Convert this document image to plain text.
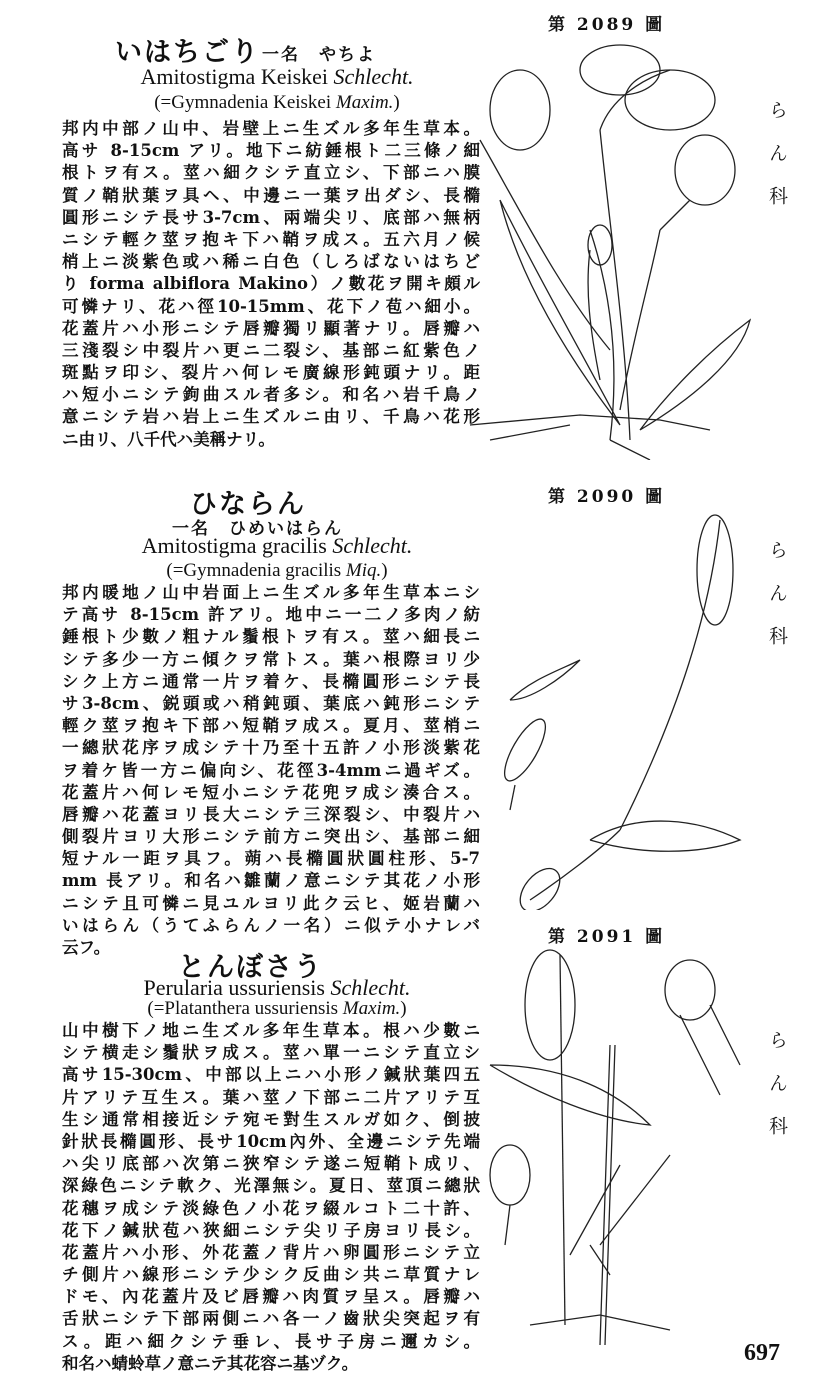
いはちごり 一名　やちよ
Amitostigma Keiskei Schlecht.
(=Gymnadenia Keiskei Maxim.)
邦内中部ノ山中、岩壁上ニ生ズル多年生草本。
高サ 8-15cm アリ。地下ニ紡錘根ト二三條ノ細
根トヲ有ス。莖ハ細クシテ直立シ、下部ニハ膜
質ノ鞘狀葉ヲ具ヘ、中邊ニ一葉ヲ出ダシ、長橢
圓形ニシテ長サ3-7cm、兩端尖リ、底部ハ無柄
ニシテ輕ク莖ヲ抱キ下ハ鞘ヲ成ス。五六月ノ候
梢上ニ淡紫色或ハ稀ニ白色（しろばないはちど
り forma albiflora Makino）ノ數花ヲ開キ頗ル
可憐ナリ、花ハ徑10-15mm、花下ノ苞ハ細小。
花蓋片ハ小形ニシテ唇瓣獨リ顯著ナリ。唇瓣ハ
三淺裂シ中裂片ハ更ニ二裂シ、基部ニ紅紫色ノ
斑點ヲ印シ、裂片ハ何レモ廣線形鈍頭ナリ。距
ハ短小ニシテ鉤曲スル者多シ。和名ハ岩千鳥ノ
意ニシテ岩ハ岩上ニ生ズルニ由リ、千鳥ハ花形
ニ由リ、八千代ハ美稱ナリ。
ひならん
一名　ひめいはらん
Amitostigma gracilis Schlecht.
(=Gymnadenia gracilis Miq.)
邦内暖地ノ山中岩面上ニ生ズル多年生草本ニシ
テ高サ 8-15cm 許アリ。地中ニ一二ノ多肉ノ紡
錘根ト少數ノ粗ナル鬚根トヲ有ス。莖ハ細長ニ
シテ多少一方ニ傾クヲ常トス。葉ハ根際ヨリ少
シク上方ニ通常一片ヲ着ケ、長橢圓形ニシテ長
サ3-8cm、鋭頭或ハ稍鈍頭、葉底ハ鈍形ニシテ
輕ク莖ヲ抱キ下部ハ短鞘ヲ成ス。夏月、莖梢ニ
一總狀花序ヲ成シテ十乃至十五許ノ小形淡紫花
ヲ着ケ皆一方ニ偏向シ、花徑3-4mmニ過ギズ。
花蓋片ハ何レモ短小ニシテ花兜ヲ成シ湊合ス。
唇瓣ハ花蓋ヨリ長大ニシテ三深裂シ、中裂片ハ
側裂片ヨリ大形ニシテ前方ニ突出シ、基部ニ細
短ナル一距ヲ具フ。蒴ハ長橢圓狀圓柱形、5-7
mm 長アリ。和名ハ雛蘭ノ意ニシテ其花ノ小形
ニシテ且可憐ニ見ユルヨリ此ク云ヒ、姬岩蘭ハ
いはらん（うてふらんノ一名）ニ似テ小ナレバ
云フ。
とんぼさう
Perularia ussuriensis Schlecht.
(=Platanthera ussuriensis Maxim.)
山中樹下ノ地ニ生ズル多年生草本。根ハ少數ニ
シテ横走シ鬚狀ヲ成ス。莖ハ單一ニシテ直立シ
高サ15-30cm、中部以上ニハ小形ノ鍼狀葉四五
片アリテ互生ス。葉ハ莖ノ下部ニ二片アリテ互
生シ通常相接近シテ宛モ對生スルガ如ク、倒披
針狀長橢圓形、長サ10cm內外、全邊ニシテ先端
ハ尖リ底部ハ次第ニ狹窄シテ遂ニ短鞘ト成リ、
深綠色ニシテ軟ク、光澤無シ。夏日、莖頂ニ總狀
花穗ヲ成シテ淡綠色ノ小花ヲ綴ルコト二十許、
花下ノ鍼狀苞ハ狹細ニシテ尖リ子房ヨリ長シ。
花蓋片ハ小形、外花蓋ノ背片ハ卵圓形ニシテ立
チ側片ハ線形ニシテ少シク反曲シ共ニ草質ナレ
ドモ、內花蓋片及ビ唇瓣ハ肉質ヲ呈ス。唇瓣ハ
舌狀ニシテ下部兩側ニハ各一ノ齒狀尖突起ヲ有
ス。距ハ細クシテ垂レ、長サ子房ニ邇カシ。
和名ハ蜻蛉草ノ意ニテ其花容ニ基ヅク。
第 2089 圖
第 2090 圖
第 2091 圖
らん科
らん科
らん科
697
